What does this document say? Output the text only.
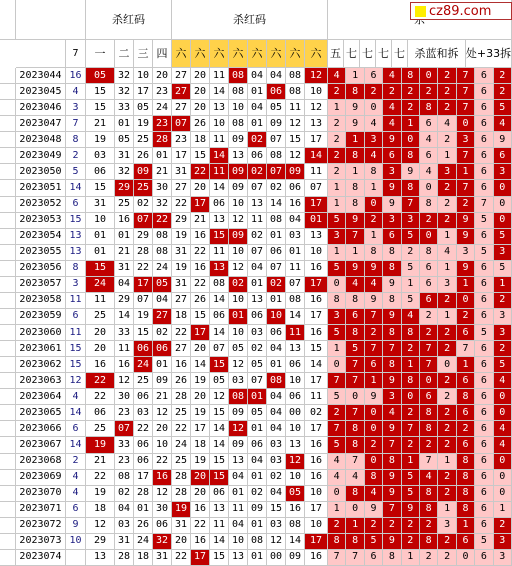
杀红码	杀红码
7	一	二 三 四 六 六 六 六 六 六 六 六 五 七 七 七 七 杀蓝和拆 处+33拆
2023044 16	05	32 10 20 27 20 11 08 04 04 08 12	4	1	6	4	8	0	2	7	6	2
2023045	4	15	32 17 23 27 20 14 08 01 06 08 10	2	8	2	2	2	2	2	7	6	2
2023046	3	15	33 05 24 27 20 13 10 04 05 11 12	1	9	0	4	2	8	2	7	6	5
2023047	7	21	01 19 23 07 26 10 08 01 09 12 13	2	9	4	4	1	6	4	0	6	4
2023048	8	19	05 25 28 23 18 11 09 02 07 15 17	2	1	3	9	0	4	2	3	6	9
2023049	2	03	31 26 01 17 15 14 13 06 08 12 14	2	8	4	6	8	6	1	7	6	6
2023050	5	06	32 09 21 31 22 11 09 02 07 09 11	2	1	8	3	9	4	3	1	6	3
2023051 14	15	29 25 30 27 20 14 09 07 02 06 07	1	8	1	9	8	0	2	7	6	0
2023052	6	31	25 02 32 22 17 06 10 13 14 16 17	1	8	0	9	7	8	2	2	7	0
2023053 15	10	16 07 22 29 21 13 12 11 08 04 01	5	9	2	3	3	2	2	9	5	0
2023054 13	01	01 29 08 19 16 15 09 02 01 03 13	3	7	1	6	5	0	1	9	6	5
2023055 13	01	21 28 08 31 22 11 10 07 06 01 10	1	1	8	8	2	8	4	3	5	3
2023056	8	15	31 22 24 19 16 13 12 04 07 11 16	5	9	9	8	5	6	1	9	6	5
2023057	3	24	04 17 05 31 22 08 02 01 02 07 17	0	4	4	9	1	6	3	1	6	1
2023058 11	11	29 07 04 27 26 14 10 13 01 08 16	8	8	9	8	5	6	2	0	6	2
2023059	6	25	14 19 27 18 15 06 01 06 10 14 17	3	6	7	9	4	2	1	2	6	3
2023060 11	20	33 15 02 22 17 14 10 03 06 11 16	5	8	2	8	8	2	2	6	5	3
2023061 15	20	11 06 06 27 20 07 05 02 04 13 15	1	5	7	7	2	7	2	7	6	2
2023062 15	16	16 24 01 16 14 15 12 05 01 06 14	0	7	6	8	1	7	0	1	6	5
2023063 12	22	12 25 09 26 19 05 03 07 08 10 17	7	7	1	9	8	0	2	6	6	4
2023064	4	22	30 06 21 28 20 12 08 01 04 06 11	5	0	9	3	0	6	2	8	6	0
2023065 14	06	23 03 12 25 19 15 09 05 04 00 02	2	7	0	4	2	8	2	6	6	0
2023066	6	25	07 22 20 22 17 14 12 01 04 10 17	7	8	0	9	7	8	2	2	6	4
2023067 14	19	33 06 10 24 18 14 09 06 03 13 16	5	8	2	7	2	2	2	6	6	4
2023068	2	21	23 06 22 25 19 15 13 04 03 12 16	4	7	0	8	1	7	1	8	6	0
2023069	4	22	08 17 16 28 20 15 04 01 02 10 16	4	4	8	9	5	4	2	8	6	0
2023070	4	19	02 28 12 28 20 06 01 02 04 05 10	0	8	4	9	5	8	2	8	6	0
2023071	6	18	04 01 30 19 16 13 11 09 15 16 17	1	0	9	7	9	8	1	8	6	1
2023072	9	12	03 26 06 31 22 11 04 01 03 08 10	2	1	2	2	2	2	3	1	6	2
2023073 10	29	31 24 32 20 16 14 10 08 12 14 17	8	8	5	9	2	8	2	6	5	3
2023074	13	28 18 31 22 17 15 13 01 00 09 16	7	7	6	8	1	2	2	0	6	3
cz89.com
